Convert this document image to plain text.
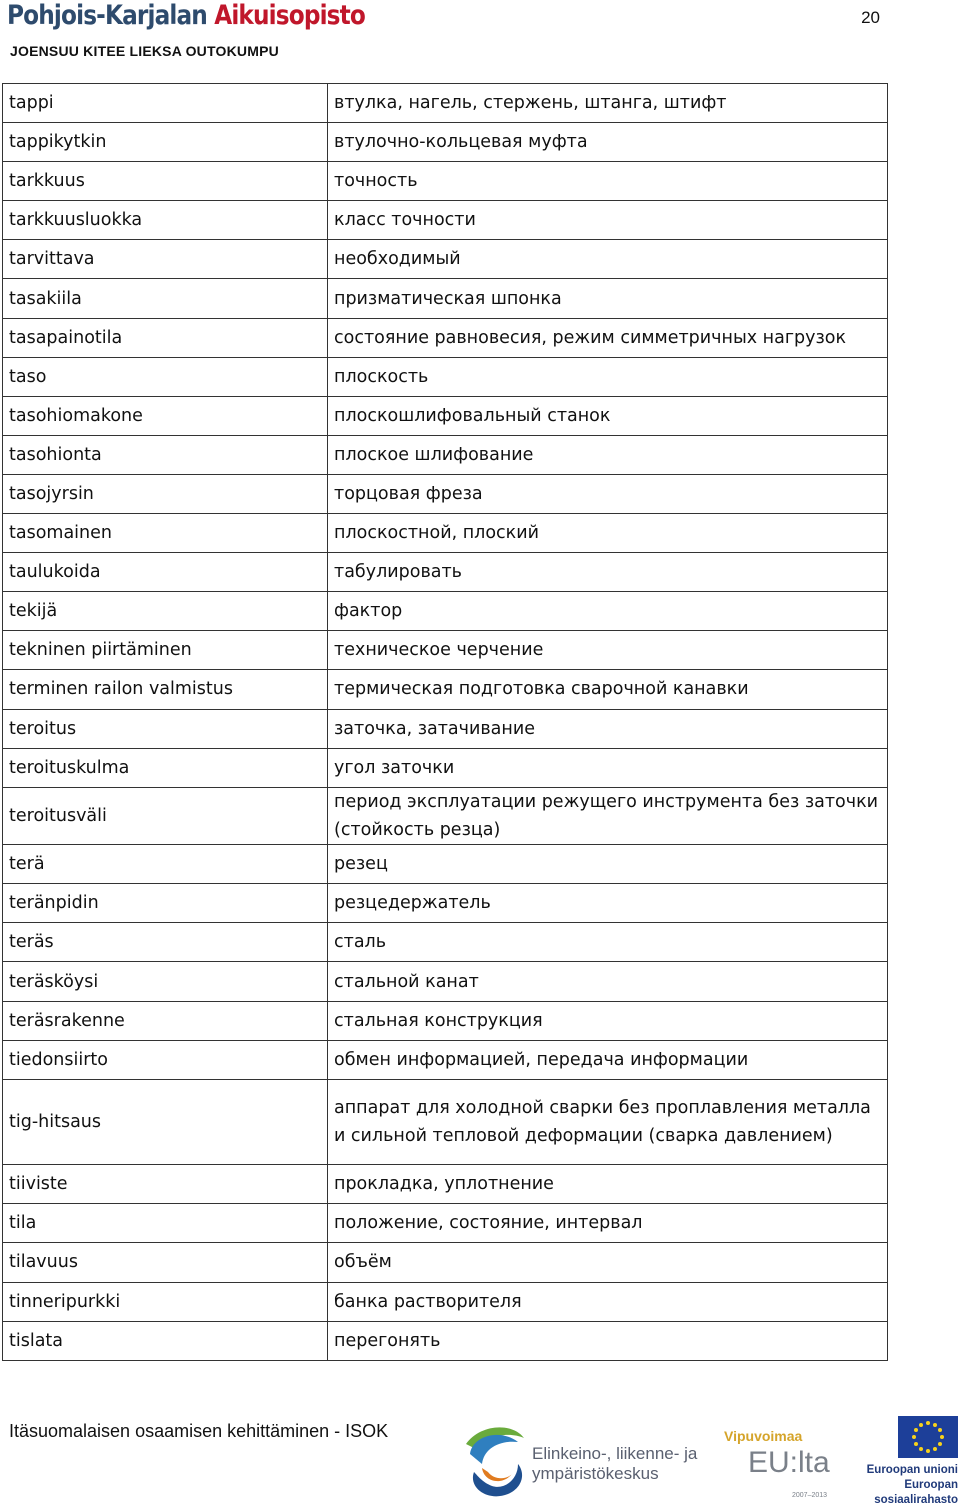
Pohjois-Karjalan Aikuisopisto
JOENSUU KITEE LIEKSA OUTOKUMPU
20
tappi	втулка, нагель, стержень, штанга, штифт
tappikytkin	втулочно-кольцевая муфта
tarkkuus	точность
tarkkuusluokka	класс точности
tarvittava	необходимый
tasakiila	призматическая шпонка
tasapainotila	состояние равновесия, режим симметричных нагрузок
taso	плоскость
tasohiomakone	плоскошлифовальный станок
tasohionta	плоское шлифование
tasojyrsin	торцовая фреза
tasomainen	плоскостной, плоский
taulukoida	табулировать
tekijä	фактор
tekninen piirtäminen	техническое черчение
terminen railon valmistus	термическая подготовка сварочной канавки
teroitus	заточка, затачивание
teroituskulma	угол заточки
teroitusväli	период эксплуатации режущего инструмента без заточки (стойкость резца)
terä	резец
teränpidin	резцедержатель
teräs	сталь
teräsköysi	стальной канат
teräsrakenne	стальная конструкция
tiedonsiirto	обмен информацией, передача информации
tig-hitsaus	аппарат для холодной сварки без проплавления металла и сильной тепловой деформации (сварка давлением)
tiiviste	прокладка, уплотнение
tila	положение, состояние, интервал
tilavuus	объём
tinneripurkki	банка растворителя
tislata	перегонять
Itäsuomalaisen osaamisen kehittäminen - ISOK
Elinkeino-, liikenne- ja
ympäristökeskus
Vipuvoimaa
EU:lta
2007–2013
Euroopan unioni
Euroopan sosiaalirahasto
